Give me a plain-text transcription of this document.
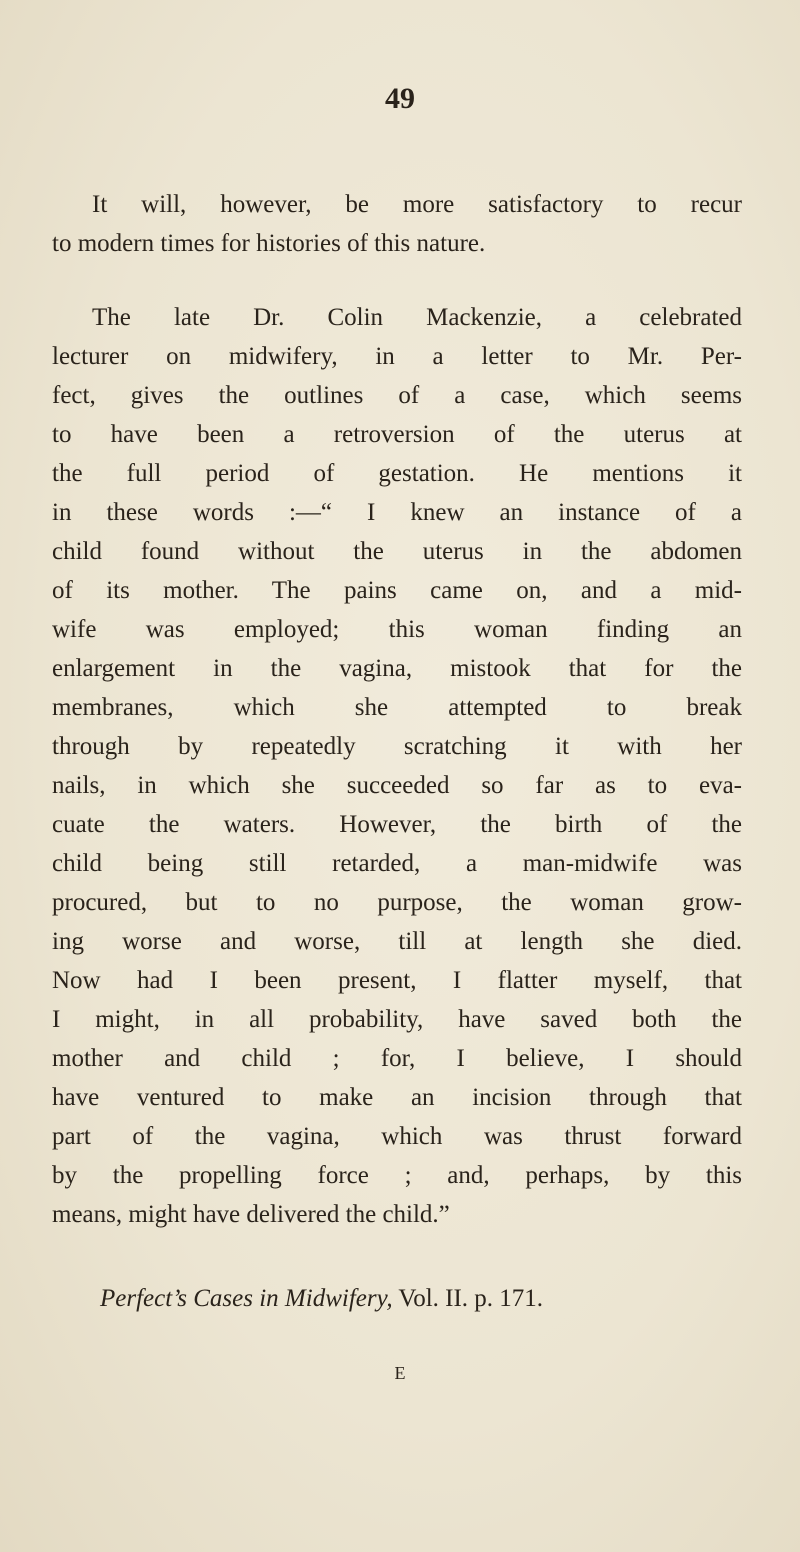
49
It will, however, be more satisfactory to recur
to modern times for histories of this nature.
The late Dr. Colin Mackenzie, a celebrated
lecturer on midwifery, in a letter to Mr. Per-
fect, gives the outlines of a case, which seems
to have been a retroversion of the uterus at
the full period of gestation. He mentions it
in these words :—“ I knew an instance of a
child found without the uterus in the abdomen
of its mother. The pains came on, and a mid-
wife was employed; this woman finding an
enlargement in the vagina, mistook that for the
membranes, which she attempted to break
through by repeatedly scratching it with her
nails, in which she succeeded so far as to eva-
cuate the waters. However, the birth of the
child being still retarded, a man-midwife was
procured, but to no purpose, the woman grow-
ing worse and worse, till at length she died.
Now had I been present, I flatter myself, that
I might, in all probability, have saved both the
mother and child ; for, I believe, I should
have ventured to make an incision through that
part of the vagina, which was thrust forward
by the propelling force ; and, perhaps, by this
means, might have delivered the child.”
Perfect’s Cases in Midwifery, Vol. II. p. 171.
E
